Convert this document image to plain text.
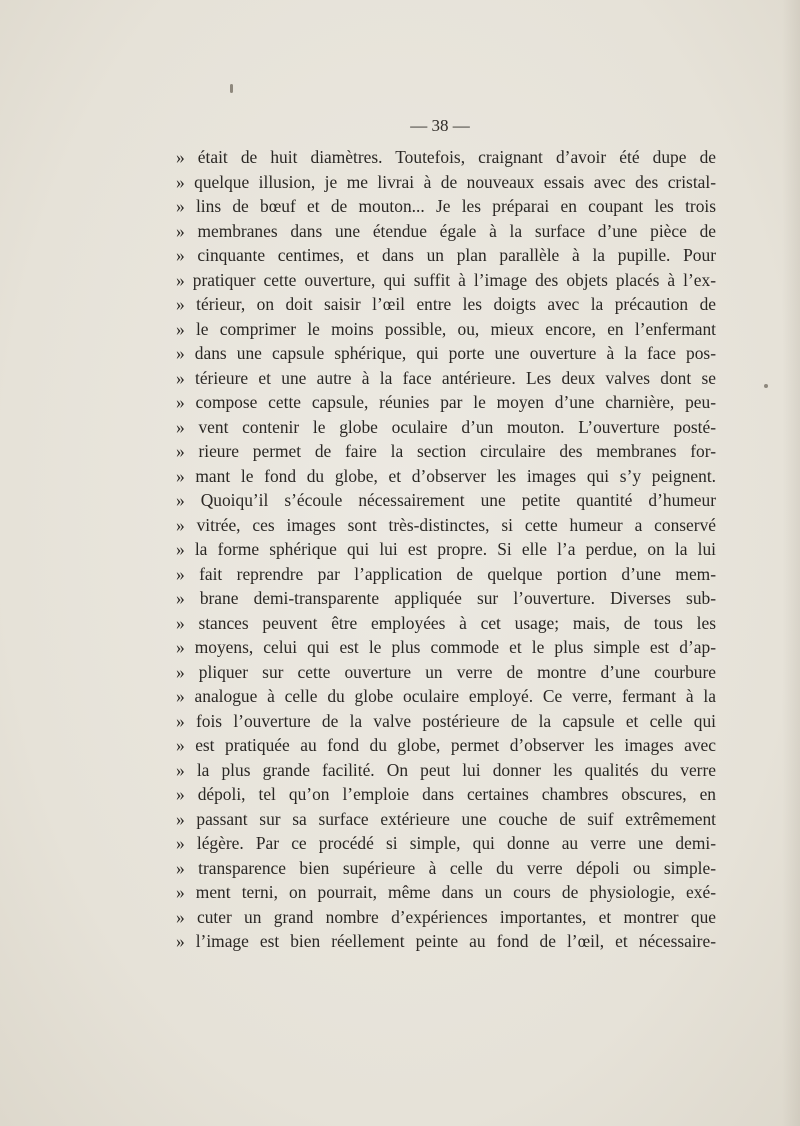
— 38 —
» était de huit diamètres. Toutefois, craignant d’avoir été dupe de
» quelque illusion, je me livrai à de nouveaux essais avec des cristal-
» lins de bœuf et de mouton... Je les préparai en coupant les trois
» membranes dans une étendue égale à la surface d’une pièce de
» cinquante centimes, et dans un plan parallèle à la pupille. Pour
» pratiquer cette ouverture, qui suffit à l’image des objets placés à l’ex-
» térieur, on doit saisir l’œil entre les doigts avec la précaution de
» le comprimer le moins possible, ou, mieux encore, en l’enfermant
» dans une capsule sphérique, qui porte une ouverture à la face pos-
» térieure et une autre à la face antérieure. Les deux valves dont se
» compose cette capsule, réunies par le moyen d’une charnière, peu-
» vent contenir le globe oculaire d’un mouton. L’ouverture posté-
» rieure permet de faire la section circulaire des membranes for-
» mant le fond du globe, et d’observer les images qui s’y peignent.
» Quoiqu’il s’écoule nécessairement une petite quantité d’humeur
» vitrée, ces images sont très-distinctes, si cette humeur a conservé
» la forme sphérique qui lui est propre. Si elle l’a perdue, on la lui
» fait reprendre par l’application de quelque portion d’une mem-
» brane demi-transparente appliquée sur l’ouverture. Diverses sub-
» stances peuvent être employées à cet usage; mais, de tous les
» moyens, celui qui est le plus commode et le plus simple est d’ap-
» pliquer sur cette ouverture un verre de montre d’une courbure
» analogue à celle du globe oculaire employé. Ce verre, fermant à la
» fois l’ouverture de la valve postérieure de la capsule et celle qui
» est pratiquée au fond du globe, permet d’observer les images avec
» la plus grande facilité. On peut lui donner les qualités du verre
» dépoli, tel qu’on l’emploie dans certaines chambres obscures, en
» passant sur sa surface extérieure une couche de suif extrêmement
» légère. Par ce procédé si simple, qui donne au verre une demi-
» transparence bien supérieure à celle du verre dépoli ou simple-
» ment terni, on pourrait, même dans un cours de physiologie, exé-
» cuter un grand nombre d’expériences importantes, et montrer que
» l’image est bien réellement peinte au fond de l’œil, et nécessaire-
